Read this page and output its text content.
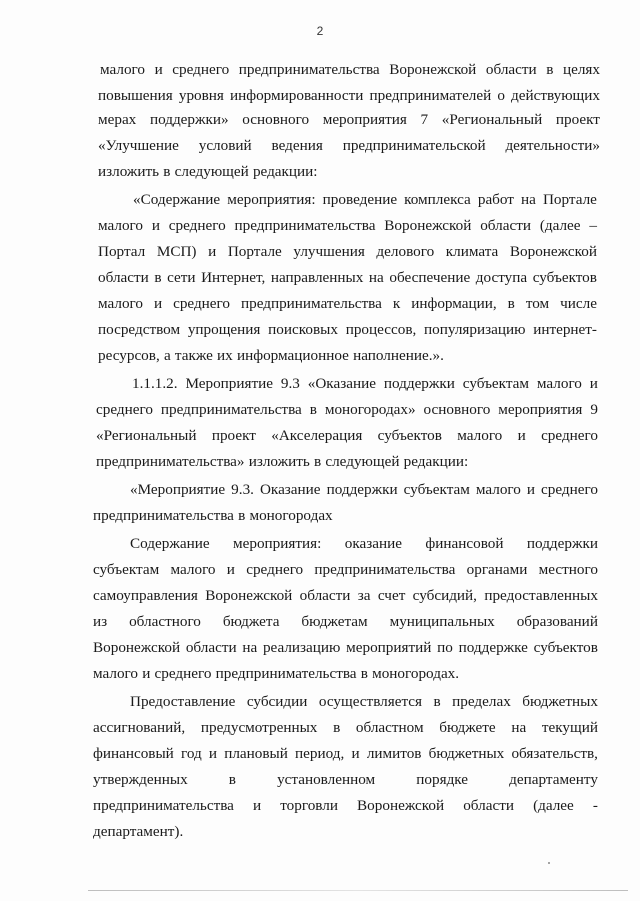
2
малого и среднего предпринимательства Воронежской области в целях
повышения уровня информированности предпринимателей о действующих
мерах поддержки» основного мероприятия 7 «Региональный проект
«Улучшение условий ведения предпринимательской деятельности»
изложить в следующей редакции:
«Содержание мероприятия: проведение комплекса работ на Портале
малого и среднего предпринимательства Воронежской области (далее –
Портал МСП) и Портале улучшения делового климата Воронежской
области в сети Интернет, направленных на обеспечение доступа субъектов
малого и среднего предпринимательства к информации, в том числе
посредством упрощения поисковых процессов, популяризацию интернет-
ресурсов, а также их информационное наполнение.».
1.1.1.2. Мероприятие 9.3 «Оказание поддержки субъектам малого и
среднего предпринимательства в моногородах» основного мероприятия 9
«Региональный проект «Акселерация субъектов малого и среднего
предпринимательства» изложить в следующей редакции:
«Мероприятие 9.3. Оказание поддержки субъектам малого и среднего
предпринимательства в моногородах
Содержание мероприятия: оказание финансовой поддержки
субъектам малого и среднего предпринимательства органами местного
самоуправления Воронежской области за счет субсидий, предоставленных
из областного бюджета бюджетам муниципальных образований
Воронежской области на реализацию мероприятий по поддержке субъектов
малого и среднего предпринимательства в моногородах.
Предоставление субсидии осуществляется в пределах бюджетных
ассигнований, предусмотренных в областном бюджете на текущий
финансовый год и плановый период, и лимитов бюджетных обязательств,
утвержденных	в	установленном	порядке	департаменту
предпринимательства и торговли Воронежской области (далее -
департамент).
